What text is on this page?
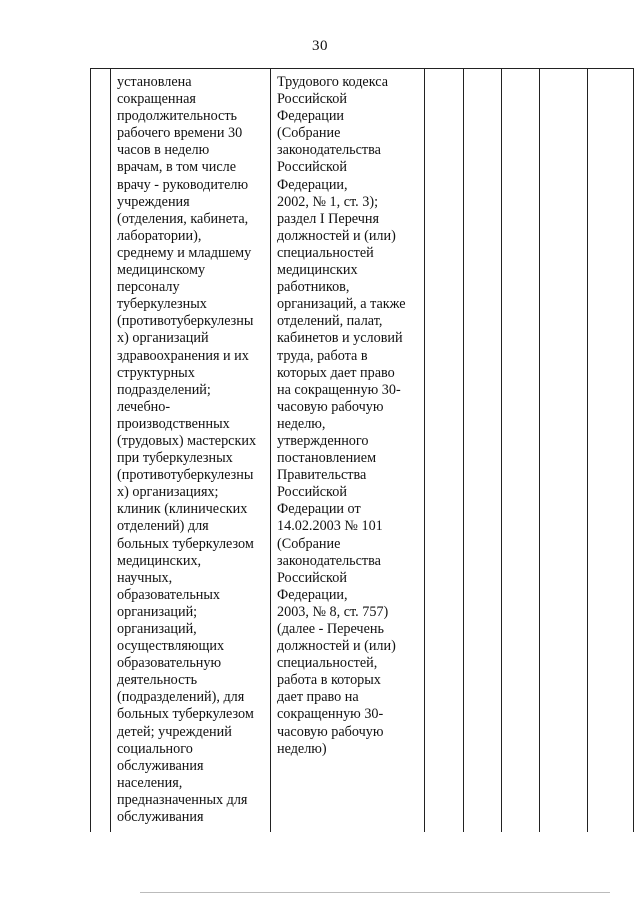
30
установлена
сокращенная
продолжительность
рабочего времени 30
часов в неделю
врачам, в том числе
врачу - руководителю
учреждения
(отделения, кабинета,
лаборатории),
среднему и младшему
медицинскому
персоналу
туберкулезных
(противотуберкулезны
х) организаций
здравоохранения и их
структурных
подразделений;
лечебно-
производственных
(трудовых) мастерских
при туберкулезных
(противотуберкулезны
х) организациях;
клиник (клинических
отделений) для
больных туберкулезом
медицинских,
научных,
образовательных
организаций;
организаций,
осуществляющих
образовательную
деятельность
(подразделений), для
больных туберкулезом
детей; учреждений
социального
обслуживания
населения,
предназначенных для
обслуживания
Трудового кодекса
Российской
Федерации
(Собрание
законодательства
Российской
Федерации,
2002, № 1, ст. 3);
раздел I Перечня
должностей и (или)
специальностей
медицинских
работников,
организаций, а также
отделений, палат,
кабинетов и условий
труда, работа в
которых дает право
на сокращенную 30-
часовую рабочую
неделю,
утвержденного
постановлением
Правительства
Российской
Федерации от
14.02.2003 № 101
(Собрание
законодательства
Российской
Федерации,
2003, № 8, ст. 757)
(далее - Перечень
должностей и (или)
специальностей,
работа в которых
дает право на
сокращенную 30-
часовую рабочую
неделю)
